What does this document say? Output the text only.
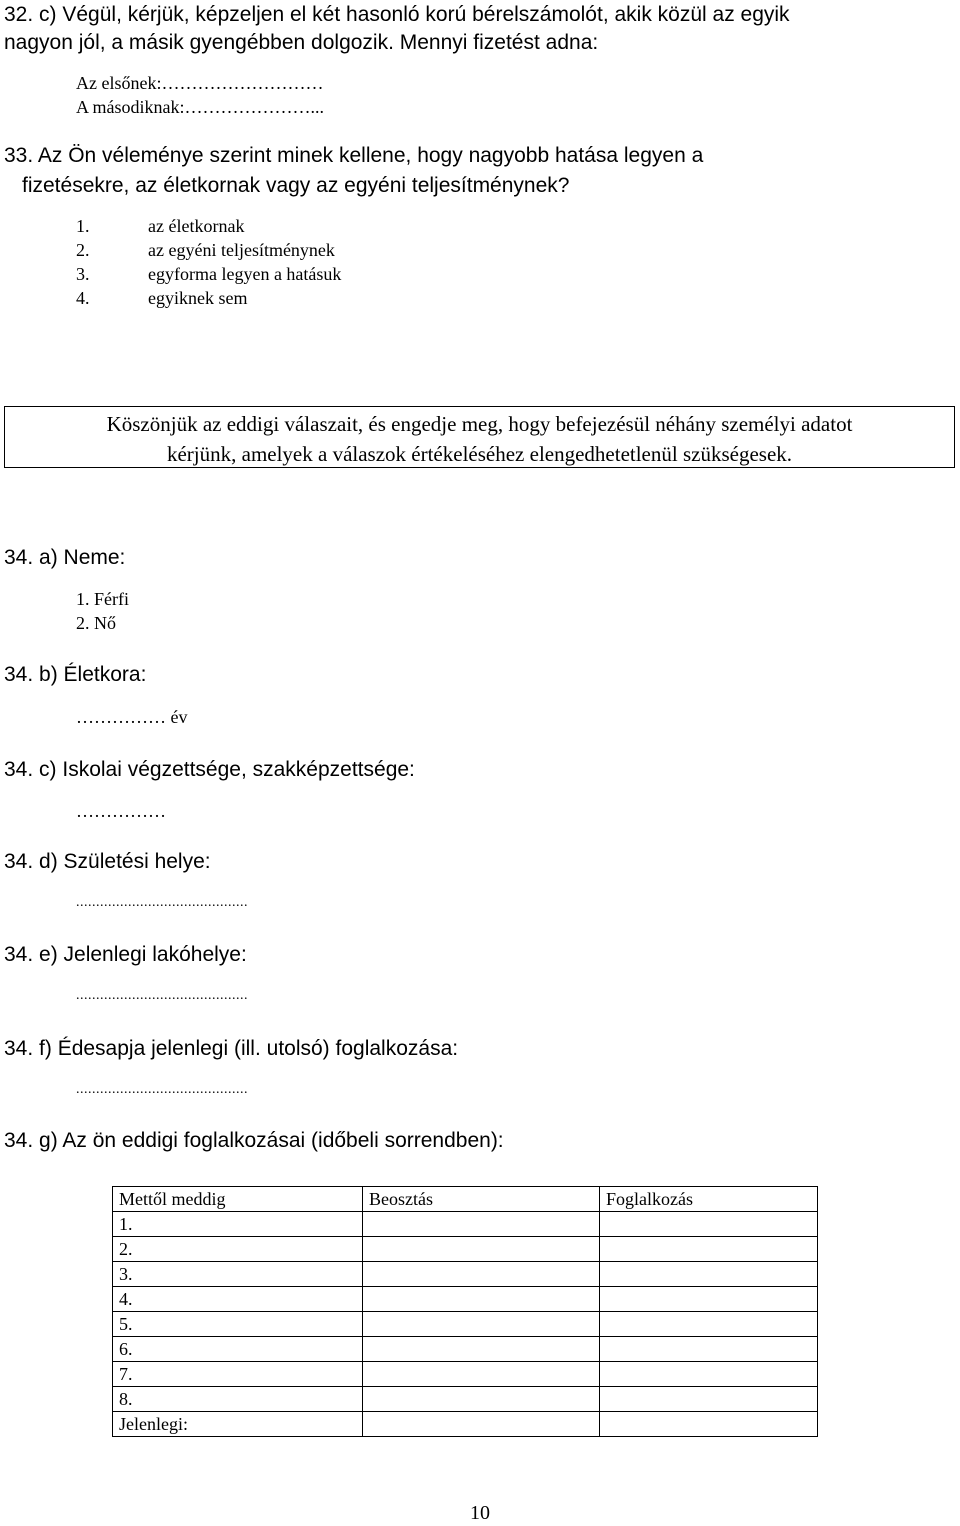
32. c) Végül, kérjük, képzeljen el két hasonló korú bérelszámolót, akik közül az egyik
nagyon jól, a másik gyengébben dolgozik. Mennyi fizetést adna:
Az elsőnek:………………………
A másodiknak:…………………...
33. Az Ön véleménye szerint minek kellene, hogy nagyobb hatása legyen a
fizetésekre, az életkornak vagy az egyéni teljesítménynek?
1.	az életkornak
2.	az egyéni teljesítménynek
3.	egyforma legyen a hatásuk
4.	egyiknek sem
Köszönjük az eddigi válaszait, és engedje meg, hogy befejezésül néhány személyi adatot
kérjünk, amelyek a válaszok értékeléséhez elengedhetetlenül szükségesek.
34. a) Neme:
1. Férfi
2. Nő
34. b) Életkora:
…………… év
34. c) Iskolai végzettsége, szakképzettsége:
……………
34. d) Születési helye:
...........................................
34. e) Jelenlegi lakóhelye:
...........................................
34. f) Édesapja jelenlegi (ill. utolsó) foglalkozása:
...........................................
34. g) Az ön eddigi foglalkozásai (időbeli sorrendben):
Mettől meddig	Beosztás	Foglalkozás
1.		
2.		
3.		
4.		
5.		
6.		
7.		
8.		
Jelenlegi:		
10
